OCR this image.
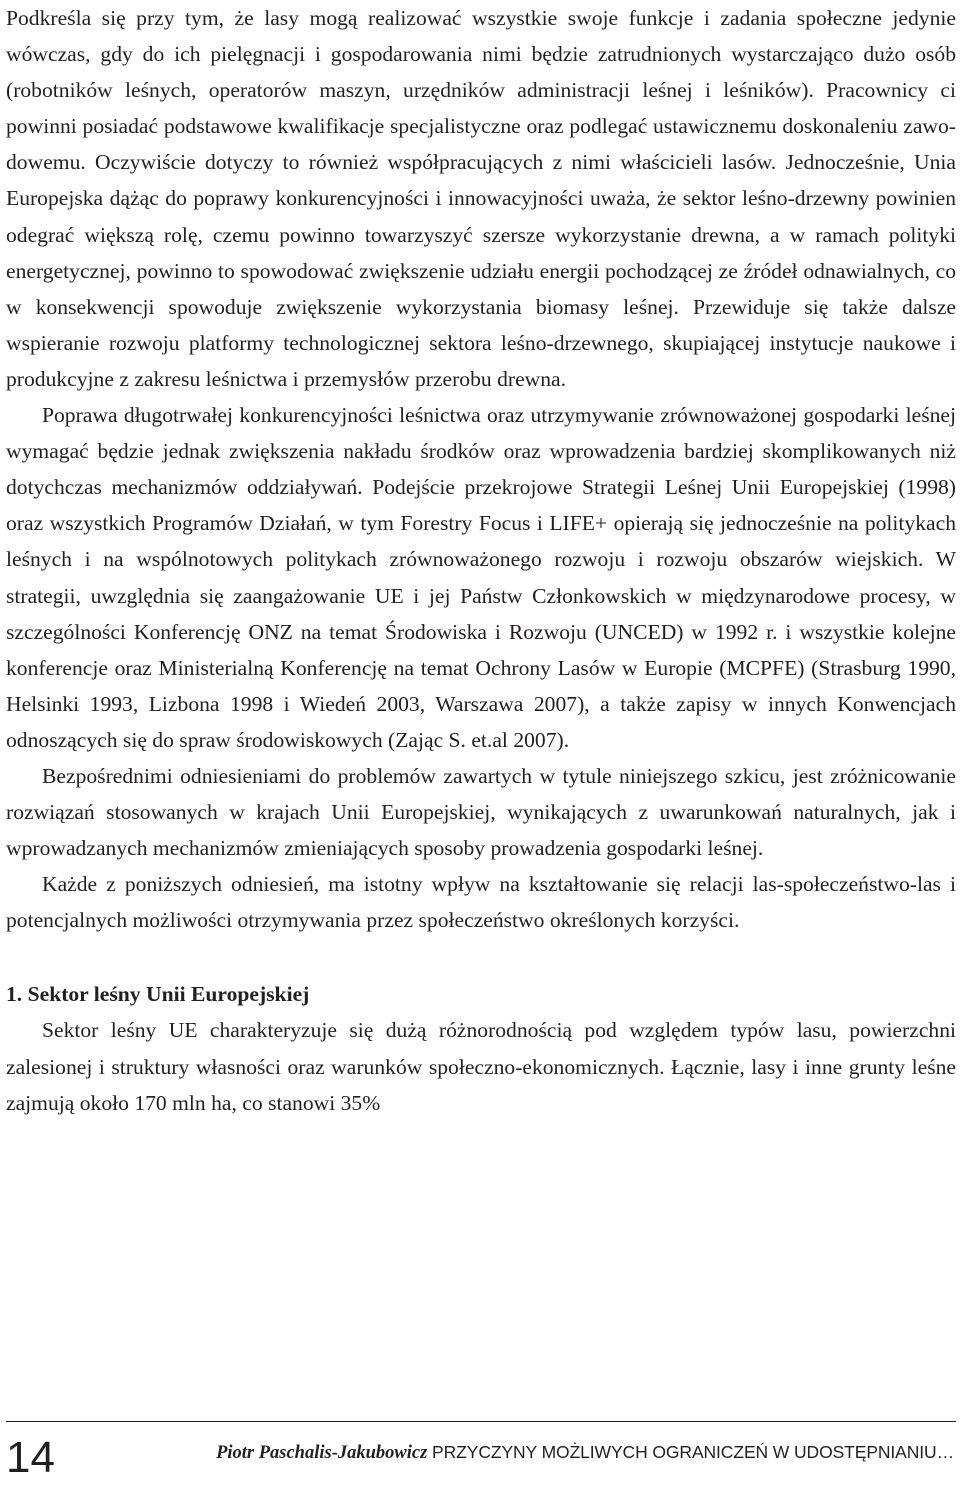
Podkreśla się przy tym, że lasy mogą realizować wszystkie swoje funkcje i zadania społeczne jedynie wówczas, gdy do ich pielęgnacji i gospodarowania nimi będzie zatrudnionych wystarczająco dużo osób (robotników leśnych, operatorów maszyn, urzędników administracji leśnej i leśników). Pracownicy ci powinni posiadać podstawowe kwalifikacje specjalistyczne oraz podlegać ustawicznemu doskonaleniu zawodowemu. Oczywiście dotyczy to również współpracujących z nimi właścicieli lasów. Jednocześnie, Unia Europejska dążąc do poprawy konkurencyjności i innowacyjności uważa, że sektor leśno-drzewny powinien odegrać większą rolę, czemu powinno towarzyszyć szersze wykorzystanie drewna, a w ramach polityki energetycznej, powinno to spowodować zwiększenie udziału energii pochodzącej ze źródeł odnawialnych, co w konsekwencji spowoduje zwiększenie wykorzystania biomasy leśnej. Przewiduje się także dalsze wspieranie rozwoju platformy technologicznej sektora leśno-drzewnego, skupiającej instytucje naukowe i produkcyjne z zakresu leśnictwa i przemysłów przerobu drewna.

Poprawa długotrwałej konkurencyjności leśnictwa oraz utrzymywanie zrównoważonej gospodarki leśnej wymagać będzie jednak zwiększenia nakładu środków oraz wprowadzenia bardziej skomplikowanych niż dotychczas mechanizmów oddziaływań. Podejście przekrojowe Strategii Leśnej Unii Europejskiej (1998) oraz wszystkich Programów Działań, w tym Forestry Focus i LIFE+ opierają się jednocześnie na politykach leśnych i na wspólnotowych politykach zrównoważonego rozwoju i rozwoju obszarów wiejskich. W strategii, uwzględnia się zaangażowanie UE i jej Państw Członkowskich w międzynarodowe procesy, w szczególności Konferencję ONZ na temat Środowiska i Rozwoju (UNCED) w 1992 r. i wszystkie kolejne konferencje oraz Ministerialną Konferencję na temat Ochrony Lasów w Europie (MCPFE) (Strasburg 1990, Helsinki 1993, Lizbona 1998 i Wiedeń 2003, Warszawa 2007), a także zapisy w innych Konwencjach odnoszących się do spraw środowiskowych (Zając S. et.al 2007).

Bezpośrednimi odniesieniami do problemów zawartych w tytule niniejszego szkicu, jest zróżnicowanie rozwiązań stosowanych w krajach Unii Europejskiej, wynikających z uwarunkowań naturalnych, jak i wprowadzanych mechanizmów zmieniających sposoby prowadzenia gospodarki leśnej.

Każde z poniższych odniesień, ma istotny wpływ na kształtowanie się relacji las-społeczeństwo-las i potencjalnych możliwości otrzymywania przez społeczeństwo określonych korzyści.

1. Sektor leśny Unii Europejskiej

Sektor leśny UE charakteryzuje się dużą różnorodnością pod względem typów lasu, powierzchni zalesionej i struktury własności oraz warunków społeczno-ekonomicznych. Łącznie, lasy i inne grunty leśne zajmują około 170 mln ha, co stanowi 35%

14	Piotr Paschalis-Jakubowicz PRZYCZYNY MOŻLIWYCH OGRANICZEŃ W UDOSTĘPNIANIU…
